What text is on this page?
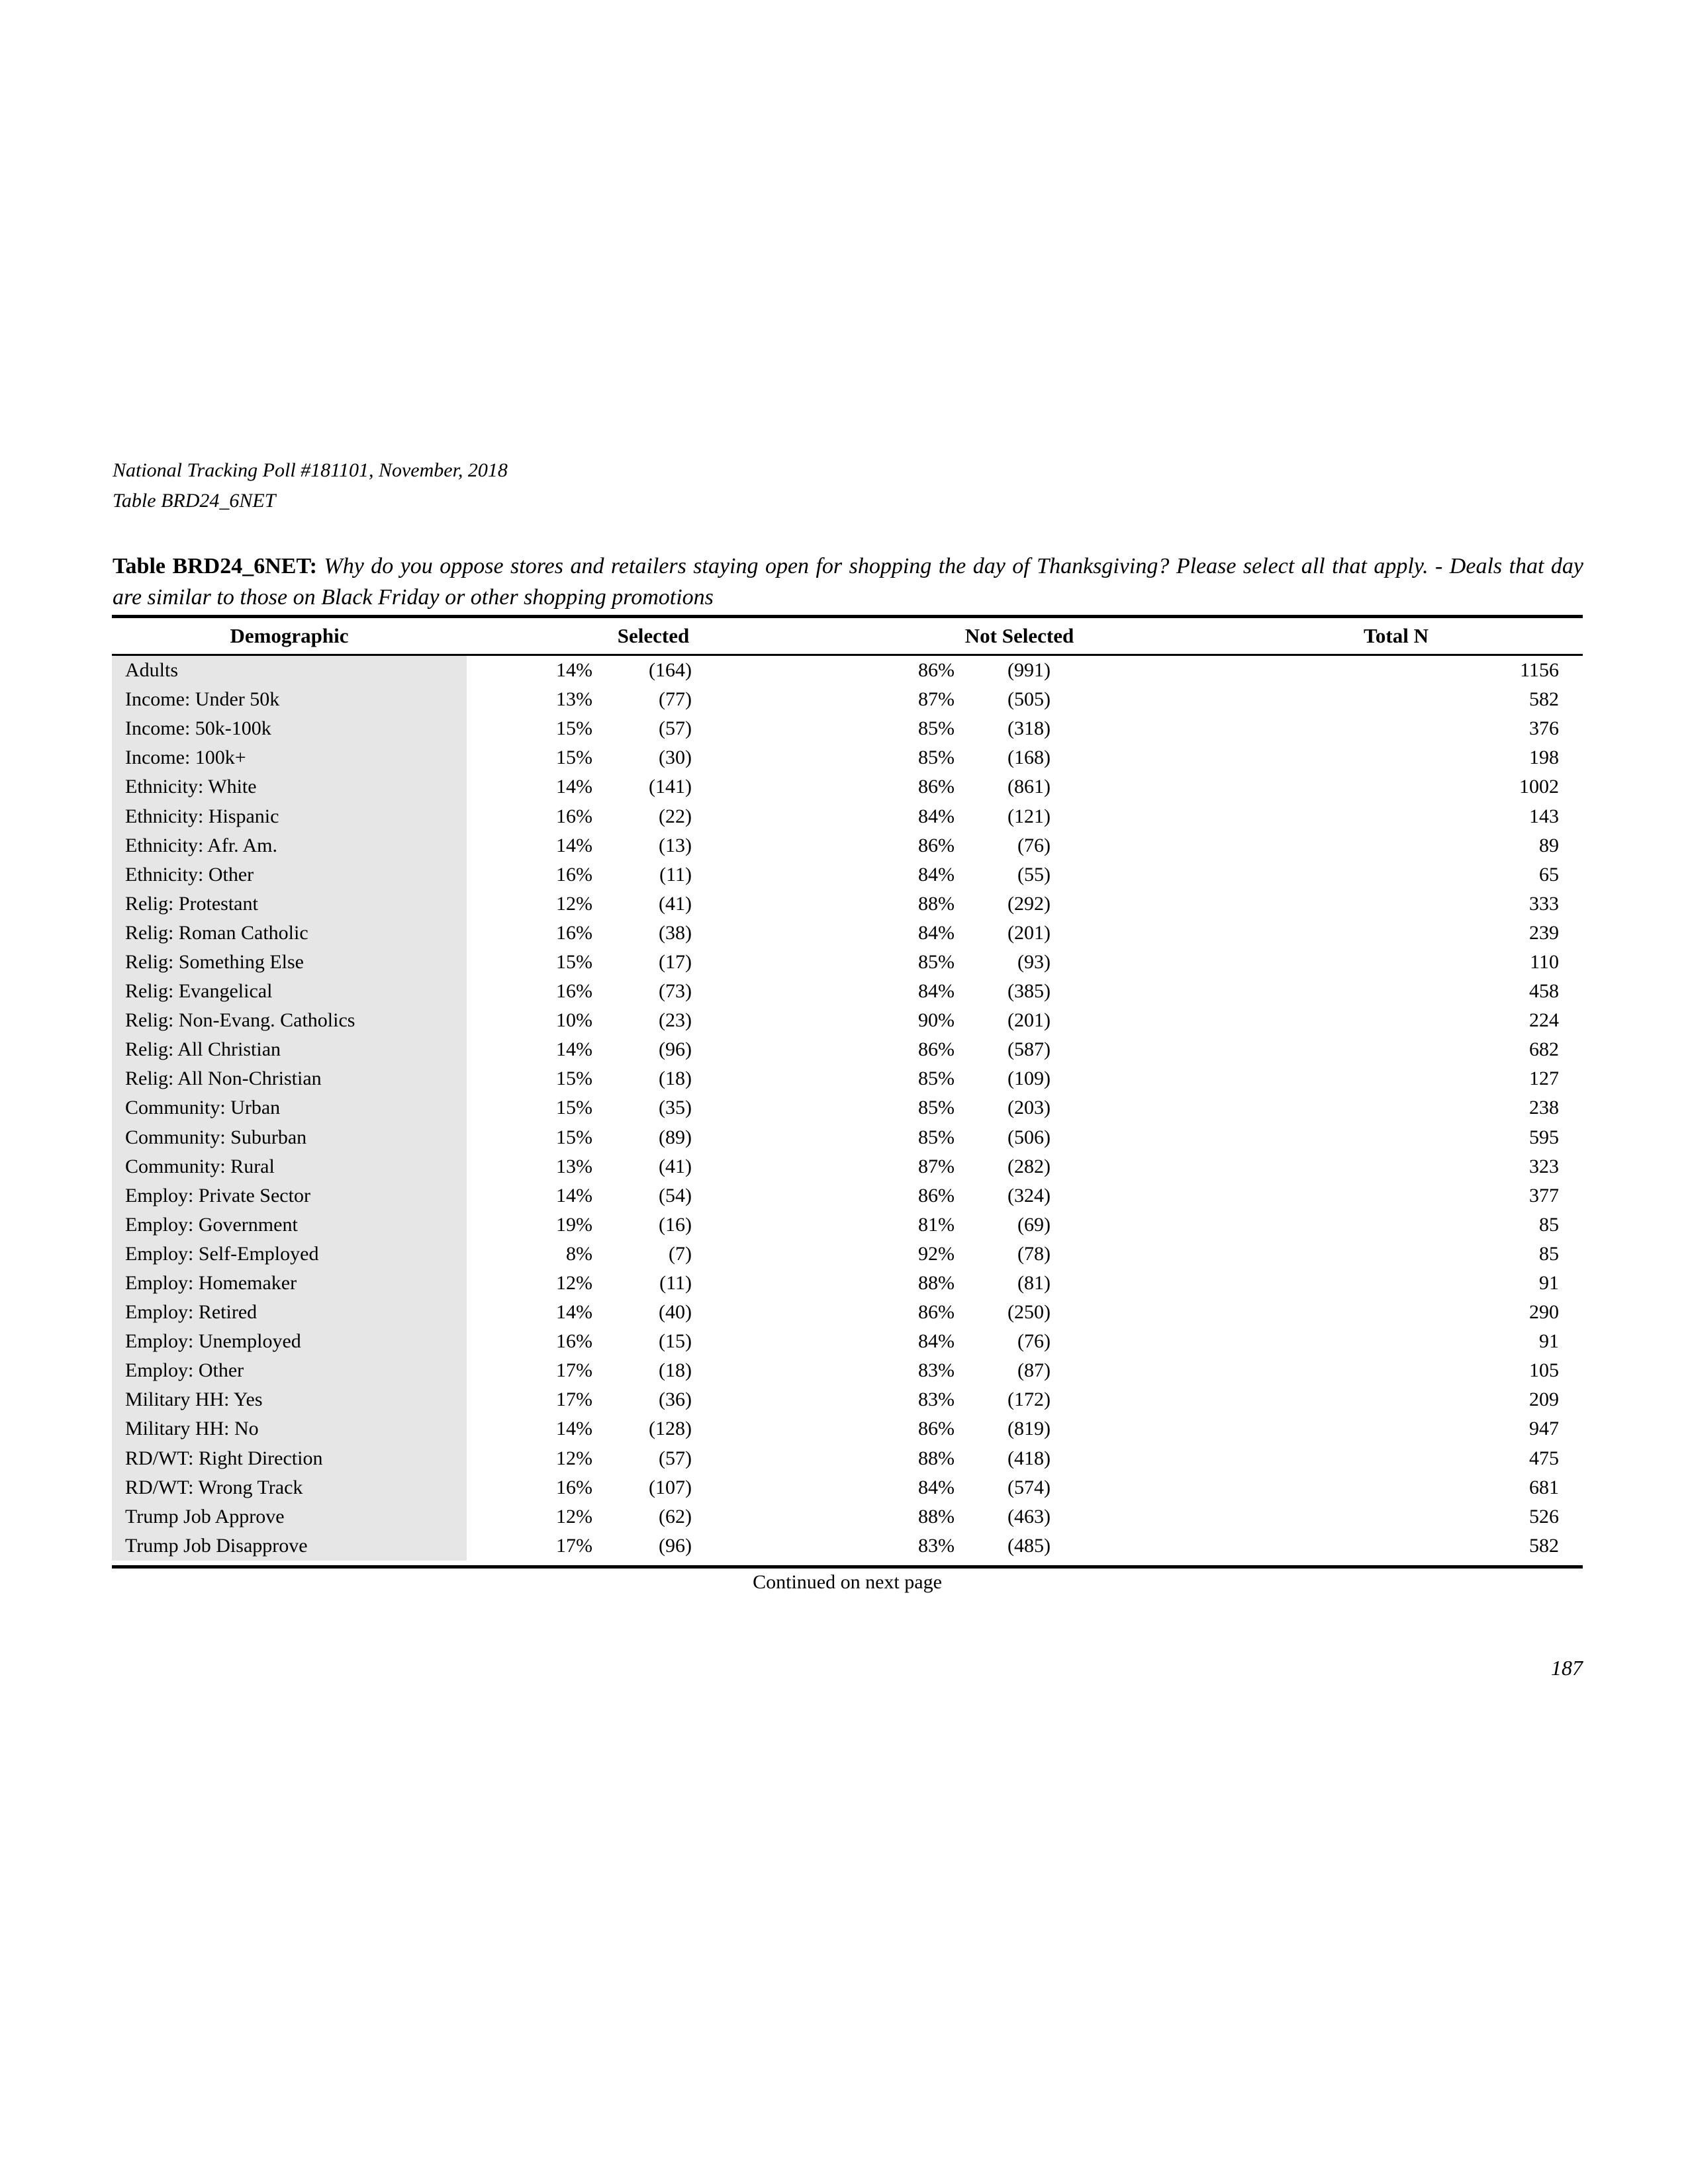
National Tracking Poll #181101, November, 2018
Table BRD24_6NET
Table BRD24_6NET: Why do you oppose stores and retailers staying open for shopping the day of Thanksgiving? Please select all that apply. - Deals that day are similar to those on Black Friday or other shopping promotions
Demographic	Selected	Not Selected	Total N
Adults	14%	(164)	86%	(991)	1156
Income: Under 50k	13%	(77)	87%	(505)	582
Income: 50k-100k	15%	(57)	85%	(318)	376
Income: 100k+	15%	(30)	85%	(168)	198
Ethnicity: White	14%	(141)	86%	(861)	1002
Ethnicity: Hispanic	16%	(22)	84%	(121)	143
Ethnicity: Afr. Am.	14%	(13)	86%	(76)	89
Ethnicity: Other	16%	(11)	84%	(55)	65
Relig: Protestant	12%	(41)	88%	(292)	333
Relig: Roman Catholic	16%	(38)	84%	(201)	239
Relig: Something Else	15%	(17)	85%	(93)	110
Relig: Evangelical	16%	(73)	84%	(385)	458
Relig: Non-Evang. Catholics	10%	(23)	90%	(201)	224
Relig: All Christian	14%	(96)	86%	(587)	682
Relig: All Non-Christian	15%	(18)	85%	(109)	127
Community: Urban	15%	(35)	85%	(203)	238
Community: Suburban	15%	(89)	85%	(506)	595
Community: Rural	13%	(41)	87%	(282)	323
Employ: Private Sector	14%	(54)	86%	(324)	377
Employ: Government	19%	(16)	81%	(69)	85
Employ: Self-Employed	8%	(7)	92%	(78)	85
Employ: Homemaker	12%	(11)	88%	(81)	91
Employ: Retired	14%	(40)	86%	(250)	290
Employ: Unemployed	16%	(15)	84%	(76)	91
Employ: Other	17%	(18)	83%	(87)	105
Military HH: Yes	17%	(36)	83%	(172)	209
Military HH: No	14%	(128)	86%	(819)	947
RD/WT: Right Direction	12%	(57)	88%	(418)	475
RD/WT: Wrong Track	16%	(107)	84%	(574)	681
Trump Job Approve	12%	(62)	88%	(463)	526
Trump Job Disapprove	17%	(96)	83%	(485)	582
Continued on next page
187
